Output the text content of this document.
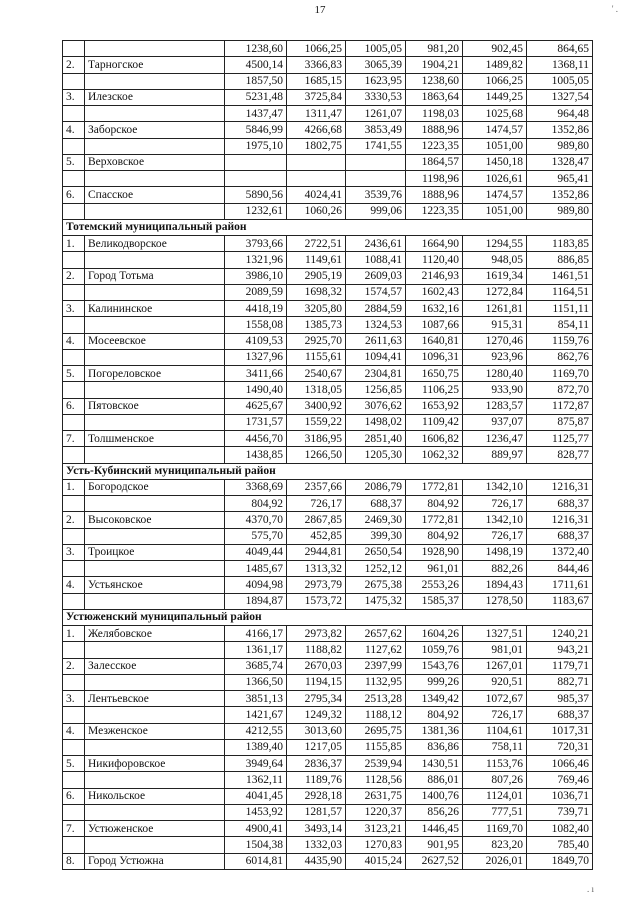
17	' .
		1238,60	1066,25	1005,05	981,20	902,45	864,65
2.	Тарногское	4500,14	3366,83	3065,39	1904,21	1489,82	1368,11
		1857,50	1685,15	1623,95	1238,60	1066,25	1005,05
3.	Илезское	5231,48	3725,84	3330,53	1863,64	1449,25	1327,54
		1437,47	1311,47	1261,07	1198,03	1025,68	964,48
4.	Заборское	5846,99	4266,68	3853,49	1888,96	1474,57	1352,86
		1975,10	1802,75	1741,55	1223,35	1051,00	989,80
5.	Верховское				1864,57	1450,18	1328,47
					1198,96	1026,61	965,41
6.	Спасское	5890,56	4024,41	3539,76	1888,96	1474,57	1352,86
		1232,61	1060,26	999,06	1223,35	1051,00	989,80
Тотемский муниципальный район							
1.	Великодворское	3793,66	2722,51	2436,61	1664,90	1294,55	1183,85
		1321,96	1149,61	1088,41	1120,40	948,05	886,85
2.	Город Тотьма	3986,10	2905,19	2609,03	2146,93	1619,34	1461,51
		2089,59	1698,32	1574,57	1602,43	1272,84	1164,51
3.	Калининское	4418,19	3205,80	2884,59	1632,16	1261,81	1151,11
		1558,08	1385,73	1324,53	1087,66	915,31	854,11
4.	Мосеевское	4109,53	2925,70	2611,63	1640,81	1270,46	1159,76
		1327,96	1155,61	1094,41	1096,31	923,96	862,76
5.	Погореловское	3411,66	2540,67	2304,81	1650,75	1280,40	1169,70
		1490,40	1318,05	1256,85	1106,25	933,90	872,70
6.	Пятовское	4625,67	3400,92	3076,62	1653,92	1283,57	1172,87
		1731,57	1559,22	1498,02	1109,42	937,07	875,87
7.	Толшменское	4456,70	3186,95	2851,40	1606,82	1236,47	1125,77
		1438,85	1266,50	1205,30	1062,32	889,97	828,77
Усть-Кубинский муниципальный район							
1.	Богородское	3368,69	2357,66	2086,79	1772,81	1342,10	1216,31
		804,92	726,17	688,37	804,92	726,17	688,37
2.	Высоковское	4370,70	2867,85	2469,30	1772,81	1342,10	1216,31
		575,70	452,85	399,30	804,92	726,17	688,37
3.	Троицкое	4049,44	2944,81	2650,54	1928,90	1498,19	1372,40
		1485,67	1313,32	1252,12	961,01	882,26	844,46
4.	Устьянское	4094,98	2973,79	2675,38	2553,26	1894,43	1711,61
		1894,87	1573,72	1475,32	1585,37	1278,50	1183,67
Устюженский муниципальный район							
1.	Желябовское	4166,17	2973,82	2657,62	1604,26	1327,51	1240,21
		1361,17	1188,82	1127,62	1059,76	981,01	943,21
2.	Залесское	3685,74	2670,03	2397,99	1543,76	1267,01	1179,71
		1366,50	1194,15	1132,95	999,26	920,51	882,71
3.	Лентьевское	3851,13	2795,34	2513,28	1349,42	1072,67	985,37
		1421,67	1249,32	1188,12	804,92	726,17	688,37
4.	Мезженское	4212,55	3013,60	2695,75	1381,36	1104,61	1017,31
		1389,40	1217,05	1155,85	836,86	758,11	720,31
5.	Никифоровское	3949,64	2836,37	2539,94	1430,51	1153,76	1066,46
		1362,11	1189,76	1128,56	886,01	807,26	769,46
6.	Никольское	4041,45	2928,18	2631,75	1400,76	1124,01	1036,71
		1453,92	1281,57	1220,37	856,26	777,51	739,71
7.	Устюженское	4900,41	3493,14	3123,21	1446,45	1169,70	1082,40
		1504,38	1332,03	1270,83	901,95	823,20	785,40
8.	Город Устюжна	6014,81	4435,90	4015,24	2627,52	2026,01	1849,70
. ı
